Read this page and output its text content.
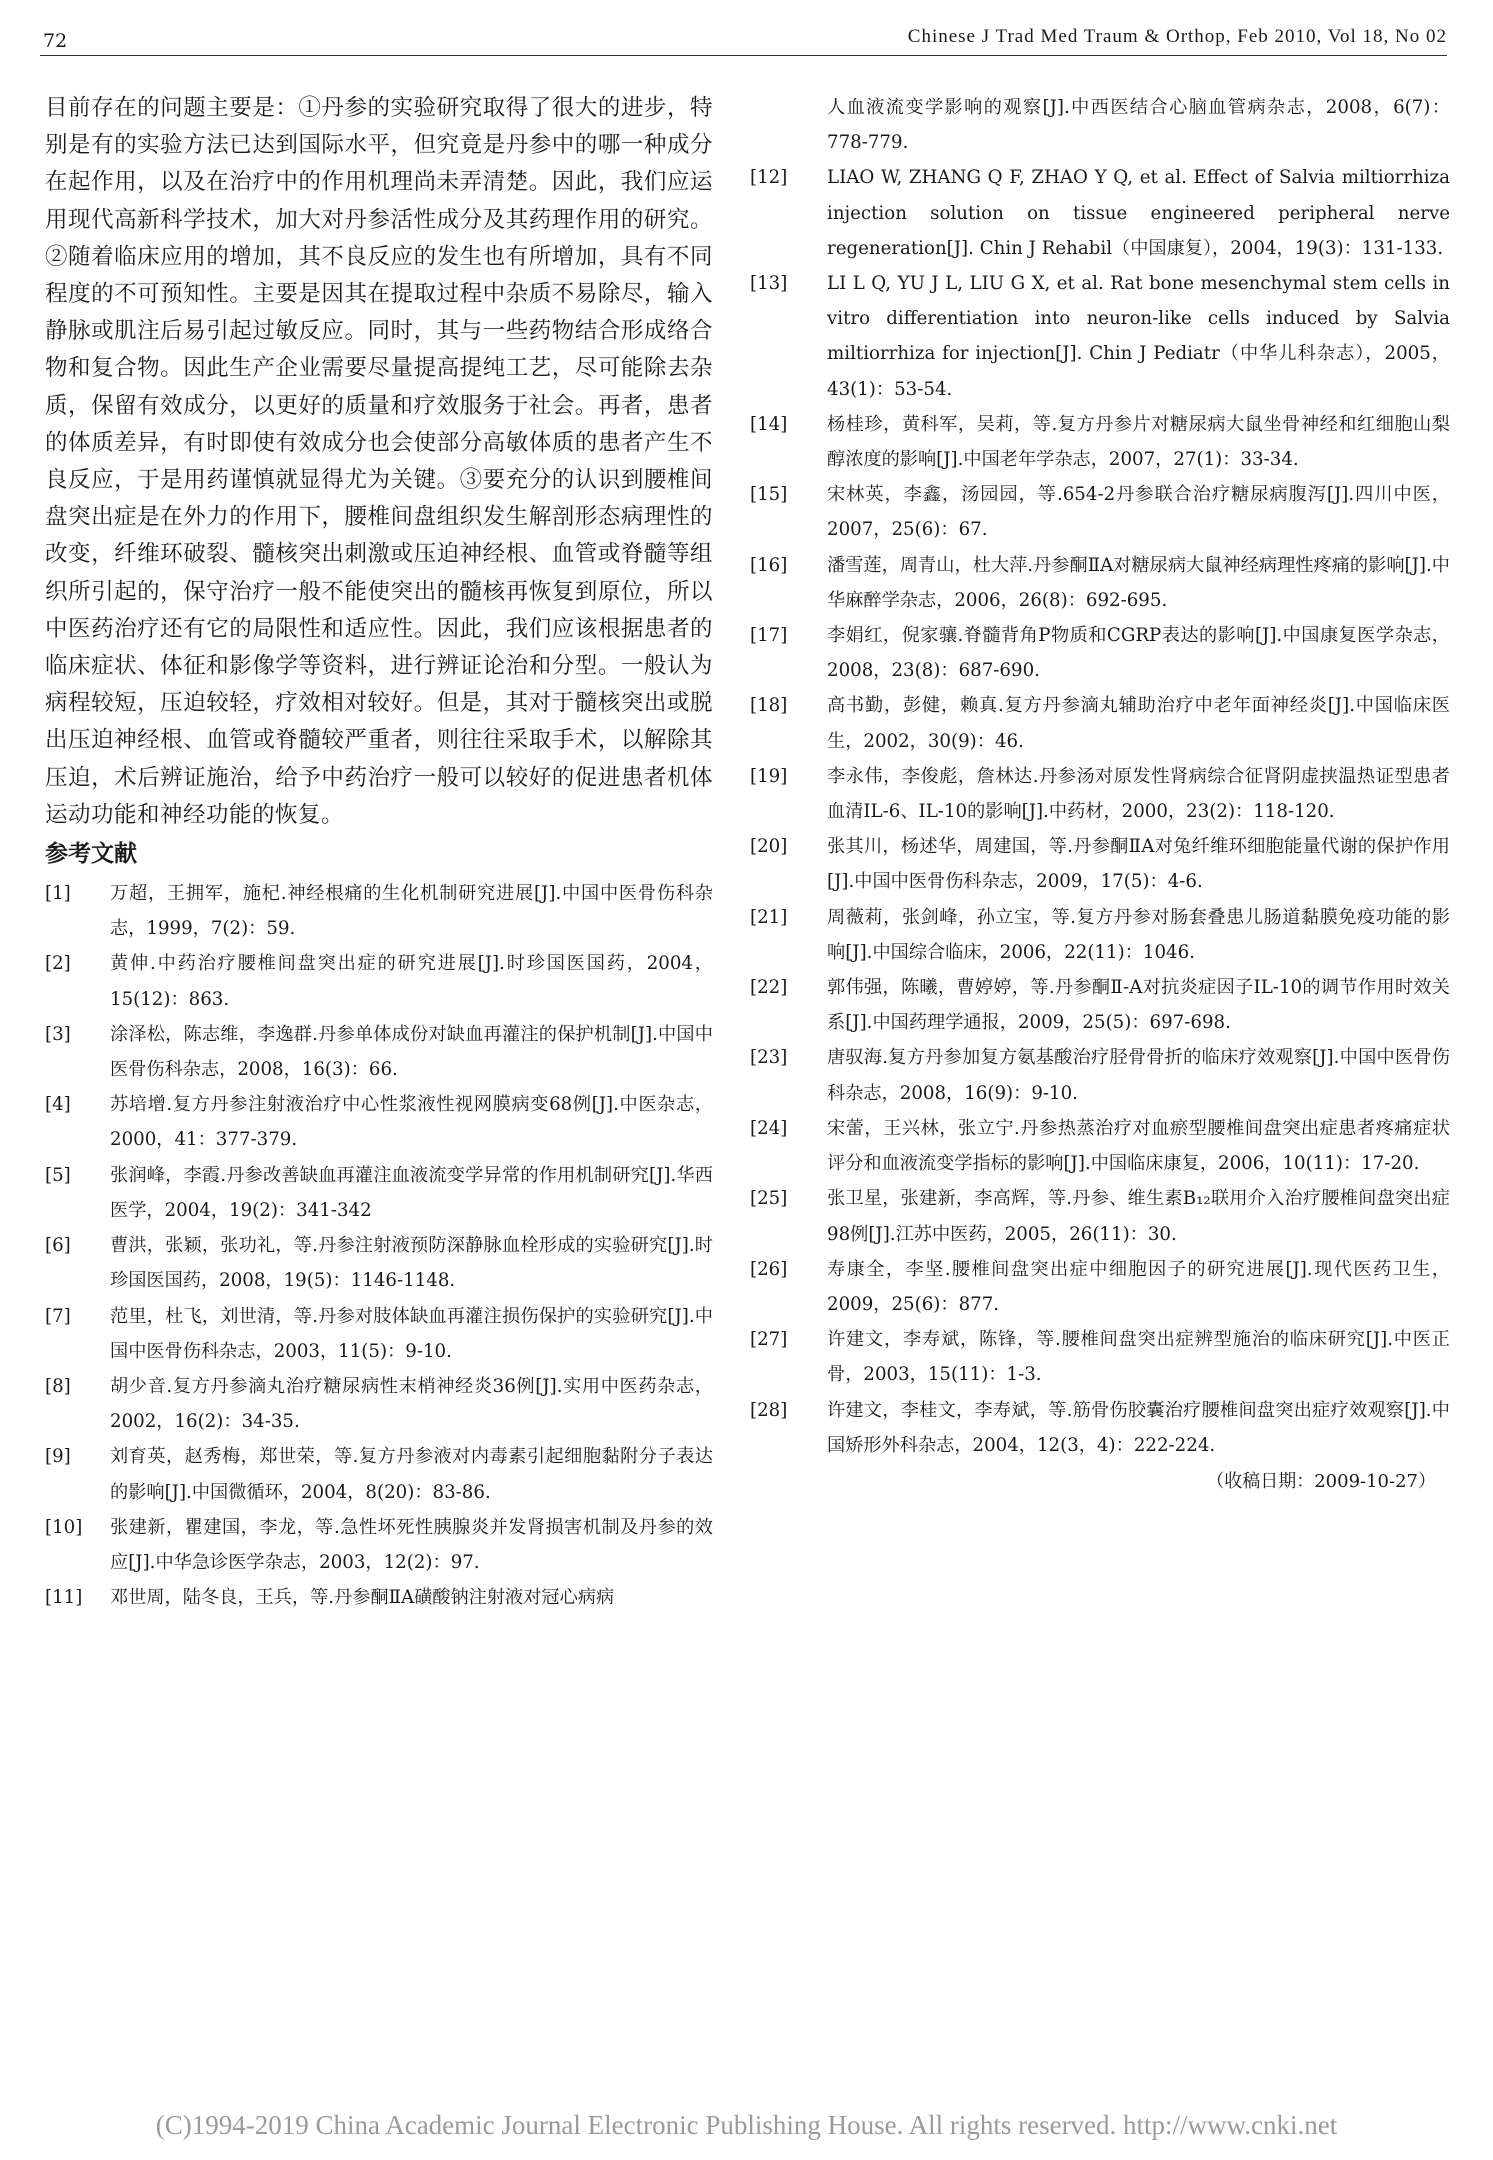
72	Chinese J Trad Med Traum & Orthop, Feb 2010, Vol 18, No 02

目前存在的问题主要是：①丹参的实验研究取得了很大的进步，特别是有的实验方法已达到国际水平，但究竟是丹参中的哪一种成分在起作用，以及在治疗中的作用机理尚未弄清楚。因此，我们应运用现代高新科学技术，加大对丹参活性成分及其药理作用的研究。②随着临床应用的增加，其不良反应的发生也有所增加，具有不同程度的不可预知性。主要是因其在提取过程中杂质不易除尽，输入静脉或肌注后易引起过敏反应。同时，其与一些药物结合形成络合物和复合物。因此生产企业需要尽量提高提纯工艺，尽可能除去杂质，保留有效成分，以更好的质量和疗效服务于社会。再者，患者的体质差异，有时即使有效成分也会使部分高敏体质的患者产生不良反应，于是用药谨慎就显得尤为关键。③要充分的认识到腰椎间盘突出症是在外力的作用下，腰椎间盘组织发生解剖形态病理性的改变，纤维环破裂、髓核突出刺激或压迫神经根、血管或脊髓等组织所引起的，保守治疗一般不能使突出的髓核再恢复到原位，所以中医药治疗还有它的局限性和适应性。因此，我们应该根据患者的临床症状、体征和影像学等资料，进行辨证论治和分型。一般认为病程较短，压迫较轻，疗效相对较好。但是，其对于髓核突出或脱出压迫神经根、血管或脊髓较严重者，则往往采取手术，以解除其压迫，术后辨证施治，给予中药治疗一般可以较好的促进患者机体运动功能和神经功能的恢复。

参考文献
[1] 万超，王拥军，施杞.神经根痛的生化机制研究进展[J].中国中医骨伤科杂志，1999，7(2)：59.
[2] 黄伸.中药治疗腰椎间盘突出症的研究进展[J].时珍国医国药，2004，15(12)：863.
[3] 涂泽松，陈志维，李逸群.丹参单体成份对缺血再灌注的保护机制[J].中国中医骨伤科杂志，2008，16(3)：66.
[4] 苏培增.复方丹参注射液治疗中心性浆液性视网膜病变68例[J].中医杂志，2000，41：377-379.
[5] 张润峰，李霞.丹参改善缺血再灌注血液流变学异常的作用机制研究[J].华西医学，2004，19(2)：341-342
[6] 曹洪，张颖，张功礼，等.丹参注射液预防深静脉血栓形成的实验研究[J].时珍国医国药，2008，19(5)：1146-1148.
[7] 范里，杜飞，刘世清，等.丹参对肢体缺血再灌注损伤保护的实验研究[J].中国中医骨伤科杂志，2003，11(5)：9-10.
[8] 胡少音.复方丹参滴丸治疗糖尿病性末梢神经炎36例[J].实用中医药杂志，2002，16(2)：34-35.
[9] 刘育英，赵秀梅，郑世荣，等.复方丹参液对内毒素引起细胞黏附分子表达的影响[J].中国微循环，2004，8(20)：83-86.
[10] 张建新，瞿建国，李龙，等.急性坏死性胰腺炎并发肾损害机制及丹参的效应[J].中华急诊医学杂志，2003，12(2)：97.
[11] 邓世周，陆冬良，王兵，等.丹参酮ⅡA磺酸钠注射液对冠心病病
人血液流变学影响的观察[J].中西医结合心脑血管病杂志，2008，6(7)：778-779.
[12] LIAO W, ZHANG Q F, ZHAO Y Q, et al. Effect of Salvia miltiorrhiza injection solution on tissue engineered peripheral nerve regeneration[J]. Chin J Rehabil（中国康复），2004，19(3)：131-133.
[13] LI L Q, YU J L, LIU G X, et al. Rat bone mesenchymal stem cells in vitro differentiation into neuron-like cells induced by Salvia miltiorrhiza for injection[J]. Chin J Pediatr（中华儿科杂志），2005，43(1)：53-54.
[14] 杨桂珍，黄科军，吴莉，等.复方丹参片对糖尿病大鼠坐骨神经和红细胞山梨醇浓度的影响[J].中国老年学杂志，2007，27(1)：33-34.
[15] 宋林英，李鑫，汤园园，等.654-2丹参联合治疗糖尿病腹泻[J].四川中医，2007，25(6)：67.
[16] 潘雪莲，周青山，杜大萍.丹参酮ⅡA对糖尿病大鼠神经病理性疼痛的影响[J].中华麻醉学杂志，2006，26(8)：692-695.
[17] 李娟红，倪家骧.脊髓背角P物质和CGRP表达的影响[J].中国康复医学杂志，2008，23(8)：687-690.
[18] 高书勤，彭健，赖真.复方丹参滴丸辅助治疗中老年面神经炎[J].中国临床医生，2002，30(9)：46.
[19] 李永伟，李俊彪，詹林达.丹参汤对原发性肾病综合征肾阴虚挟温热证型患者血清IL-6、IL-10的影响[J].中药材，2000，23(2)：118-120.
[20] 张其川，杨述华，周建国，等.丹参酮ⅡA对兔纤维环细胞能量代谢的保护作用[J].中国中医骨伤科杂志，2009，17(5)：4-6.
[21] 周薇莉，张剑峰，孙立宝，等.复方丹参对肠套叠患儿肠道黏膜免疫功能的影响[J].中国综合临床，2006，22(11)：1046.
[22] 郭伟强，陈曦，曹婷婷，等.丹参酮Ⅱ-A对抗炎症因子IL-10的调节作用时效关系[J].中国药理学通报，2009，25(5)：697-698.
[23] 唐驭海.复方丹参加复方氨基酸治疗胫骨骨折的临床疗效观察[J].中国中医骨伤科杂志，2008，16(9)：9-10.
[24] 宋蕾，王兴林，张立宁.丹参热蒸治疗对血瘀型腰椎间盘突出症患者疼痛症状评分和血液流变学指标的影响[J].中国临床康复，2006，10(11)：17-20.
[25] 张卫星，张建新，李高辉，等.丹参、维生素B₁₂联用介入治疗腰椎间盘突出症98例[J].江苏中医药，2005，26(11)：30.
[26] 寿康全，李坚.腰椎间盘突出症中细胞因子的研究进展[J].现代医药卫生，2009，25(6)：877.
[27] 许建文，李寿斌，陈锋，等.腰椎间盘突出症辨型施治的临床研究[J].中医正骨，2003，15(11)：1-3.
[28] 许建文，李桂文，李寿斌，等.筋骨伤胶囊治疗腰椎间盘突出症疗效观察[J].中国矫形外科杂志，2004，12(3，4)：222-224.
（收稿日期：2009-10-27）
(C)1994-2019 China Academic Journal Electronic Publishing House. All rights reserved. http://www.cnki.net
